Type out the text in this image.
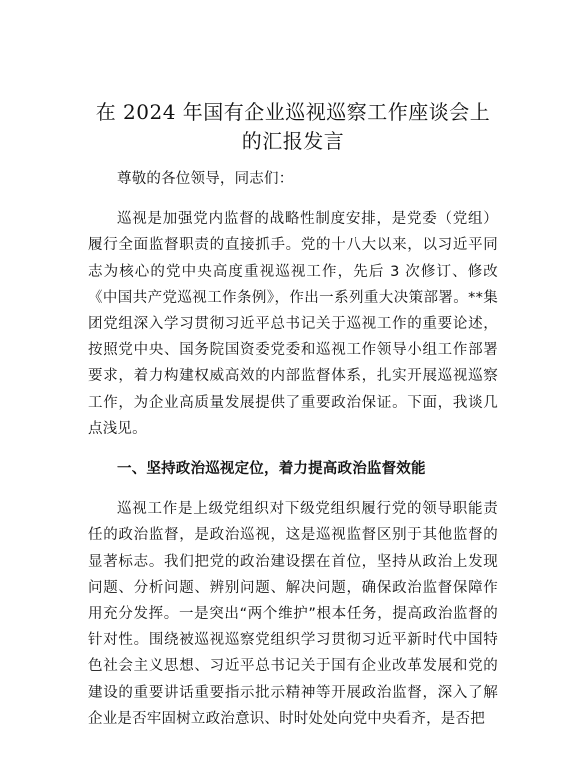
在 2024 年国有企业巡视巡察工作座谈会上的汇报发言

尊敬的各位领导，同志们：

巡视是加强党内监督的战略性制度安排，是党委（党组）履行全面监督职责的直接抓手。党的十八大以来，以习近平同志为核心的党中央高度重视巡视工作，先后 3 次修订、修改《中国共产党巡视工作条例》，作出一系列重大决策部署。**集团党组深入学习贯彻习近平总书记关于巡视工作的重要论述，按照党中央、国务院国资委党委和巡视工作领导小组工作部署要求，着力构建权威高效的内部监督体系，扎实开展巡视巡察工作，为企业高质量发展提供了重要政治保证。下面，我谈几点浅见。

一、坚持政治巡视定位，着力提高政治监督效能

巡视工作是上级党组织对下级党组织履行党的领导职能责任的政治监督，是政治巡视，这是巡视监督区别于其他监督的显著标志。我们把党的政治建设摆在首位，坚持从政治上发现问题、分析问题、辨别问题、解决问题，确保政治监督保障作用充分发挥。一是突出“两个维护”根本任务，提高政治监督的针对性。围绕被巡视巡察党组织学习贯彻习近平新时代中国特色社会主义思想、习近平总书记关于国有企业改革发展和党的建设的重要讲话重要指示批示精神等开展政治监督，深入了解企业是否牢固树立政治意识、时时处处向党中央看齐，是否把
